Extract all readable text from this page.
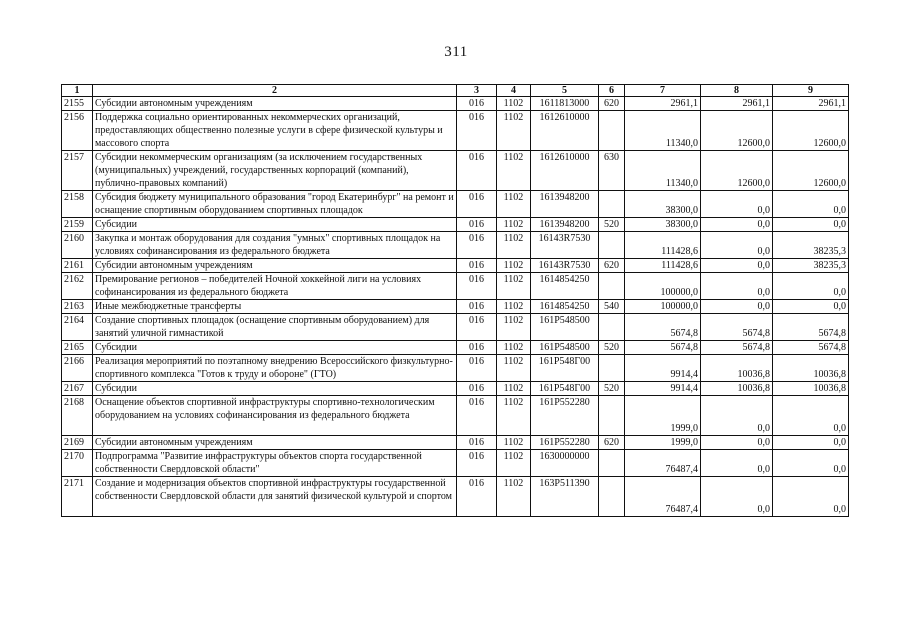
311
1	2	3	4	5	6	7	8	9
2155	Субсидии автономным учреждениям	016	1102	1611813000	620	2961,1	2961,1	2961,1
2156	Поддержка социально ориентированных некоммерческих организаций, предоставляющих общественно полезные услуги в сфере физической культуры и массового спорта	016	1102	1612610000		11340,0	12600,0	12600,0
2157	Субсидии некоммерческим организациям (за исключением государственных (муниципальных) учреждений, государственных корпораций (компаний), публично-правовых компаний)	016	1102	1612610000	630	11340,0	12600,0	12600,0
2158	Субсидия бюджету муниципального образования "город Екатеринбург" на ремонт и оснащение спортивным оборудованием спортивных площадок	016	1102	1613948200		38300,0	0,0	0,0
2159	Субсидии	016	1102	1613948200	520	38300,0	0,0	0,0
2160	Закупка и монтаж оборудования для создания "умных" спортивных площадок на условиях софинансирования из федерального бюджета	016	1102	16143R7530		111428,6	0,0	38235,3
2161	Субсидии автономным учреждениям	016	1102	16143R7530	620	111428,6	0,0	38235,3
2162	Премирование регионов – победителей Ночной хоккейной лиги на условиях софинансирования из федерального бюджета	016	1102	1614854250		100000,0	0,0	0,0
2163	Иные межбюджетные трансферты	016	1102	1614854250	540	100000,0	0,0	0,0
2164	Создание спортивных площадок (оснащение спортивным оборудованием) для занятий уличной гимнастикой	016	1102	161P548500		5674,8	5674,8	5674,8
2165	Субсидии	016	1102	161P548500	520	5674,8	5674,8	5674,8
2166	Реализация мероприятий по поэтапному внедрению Всероссийского физкультурно-спортивного комплекса "Готов к труду и обороне" (ГТО)	016	1102	161P548Г00		9914,4	10036,8	10036,8
2167	Субсидии	016	1102	161P548Г00	520	9914,4	10036,8	10036,8
2168	Оснащение объектов спортивной инфраструктуры спортивно-технологическим оборудованием на условиях софинансирования из федерального бюджета	016	1102	161P552280		1999,0	0,0	0,0
2169	Субсидии автономным учреждениям	016	1102	161P552280	620	1999,0	0,0	0,0
2170	Подпрограмма "Развитие инфраструктуры объектов спорта государственной собственности Свердловской области"	016	1102	1630000000		76487,4	0,0	0,0
2171	Создание и модернизация объектов спортивной инфраструктуры государственной собственности Свердловской области для занятий физической культурой и спортом	016	1102	163P511390		76487,4	0,0	0,0
